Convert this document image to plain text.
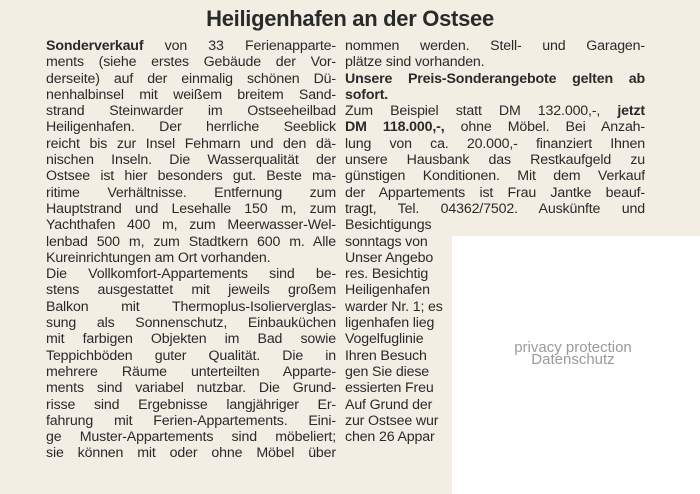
Heiligenhafen an der Ostsee
Sonderverkauf von 33 Ferienapparte-
ments (siehe erstes Gebäude der Vor-
derseite) auf der einmalig schönen Dü-
nenhalbinsel mit weißem breitem Sand-
strand Steinwarder im Ostseeheilbad
Heiligenhafen. Der herrliche Seeblick
reicht bis zur Insel Fehmarn und den dä-
nischen Inseln. Die Wasserqualität der
Ostsee ist hier besonders gut. Beste ma-
ritime Verhältnisse. Entfernung zum
Hauptstrand und Lesehalle 150 m, zum
Yachthafen 400 m, zum Meerwasser-Wel-
lenbad 500 m, zum Stadtkern 600 m. Alle
Kureinrichtungen am Ort vorhanden.
Die Vollkomfort-Appartements sind be-
stens ausgestattet mit jeweils großem
Balkon mit Thermoplus-Isolierverglas-
sung als Sonnenschutz, Einbauküchen
mit farbigen Objekten im Bad sowie
Teppichböden guter Qualität. Die in
mehrere Räume unterteilten Apparte-
ments sind variabel nutzbar. Die Grund-
risse sind Ergebnisse langjähriger Er-
fahrung mit Ferien-Appartements. Eini-
ge Muster-Appartements sind möbeliert;
sie können mit oder ohne Möbel über
nommen werden. Stell- und Garagen-
plätze sind vorhanden.
Unsere Preis-Sonderangebote gelten ab
sofort.
Zum Beispiel statt DM 132.000,-, jetzt
DM 118.000,-, ohne Möbel. Bei Anzah-
lung von ca. 20.000,- finanziert Ihnen
unsere Hausbank das Restkaufgeld zu
günstigen Konditionen. Mit dem Verkauf
der Appartements ist Frau Jantke beauf-
tragt, Tel. 04362/7502. Auskünfte und
Besichtigungs
sonntags von
Unser Angebo
res. Besichtig
Heiligenhafen
warder Nr. 1; es
ligenhafen lieg
Vogelfuglinie
Ihren Besuch
gen Sie diese
essierten Freu
Auf Grund der
zur Ostsee wur
chen 26 Appar
privacy protection
Datenschutz
